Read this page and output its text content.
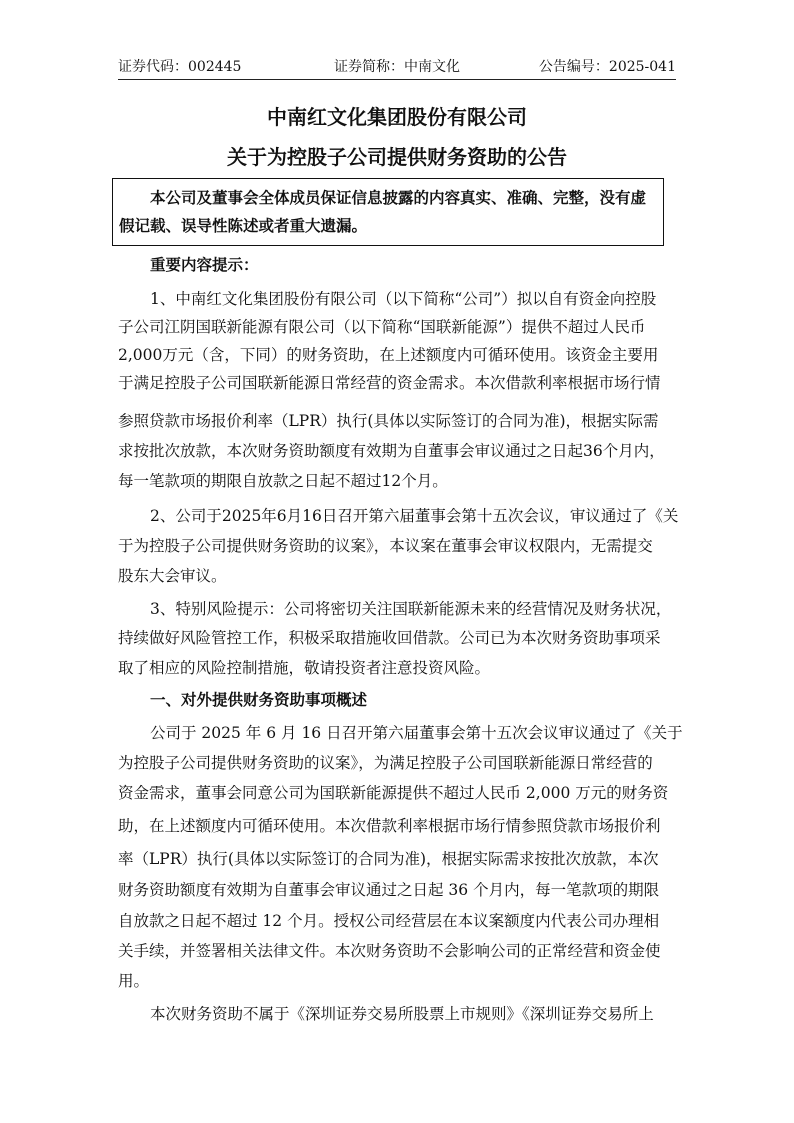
证券代码：002445	证券简称：中南文化	公告编号：2025-041
中南红文化集团股份有限公司
关于为控股子公司提供财务资助的公告
本公司及董事会全体成员保证信息披露的内容真实、准确、完整，没有虚
假记载、误导性陈述或者重大遗漏。
重要内容提示：
1、中南红文化集团股份有限公司（以下简称“公司”）拟以自有资金向控股
子公司江阴国联新能源有限公司（以下简称“国联新能源”）提供不超过人民币
2,000万元（含，下同）的财务资助，在上述额度内可循环使用。该资金主要用
于满足控股子公司国联新能源日常经营的资金需求。本次借款利率根据市场行情
参照贷款市场报价利率（LPR）执行(具体以实际签订的合同为准)，根据实际需
求按批次放款，本次财务资助额度有效期为自董事会审议通过之日起36个月内，
每一笔款项的期限自放款之日起不超过12个月。
2、公司于2025年6月16日召开第六届董事会第十五次会议，审议通过了《关
于为控股子公司提供财务资助的议案》，本议案在董事会审议权限内，无需提交
股东大会审议。
3、特别风险提示：公司将密切关注国联新能源未来的经营情况及财务状况，
持续做好风险管控工作，积极采取措施收回借款。公司已为本次财务资助事项采
取了相应的风险控制措施，敬请投资者注意投资风险。
一、对外提供财务资助事项概述
公司于 2025 年 6 月 16 日召开第六届董事会第十五次会议审议通过了《关于
为控股子公司提供财务资助的议案》，为满足控股子公司国联新能源日常经营的
资金需求，董事会同意公司为国联新能源提供不超过人民币 2,000 万元的财务资
助，在上述额度内可循环使用。本次借款利率根据市场行情参照贷款市场报价利
率（LPR）执行(具体以实际签订的合同为准)，根据实际需求按批次放款，本次
财务资助额度有效期为自董事会审议通过之日起 36 个月内，每一笔款项的期限
自放款之日起不超过 12 个月。授权公司经营层在本议案额度内代表公司办理相
关手续，并签署相关法律文件。本次财务资助不会影响公司的正常经营和资金使
用。
本次财务资助不属于《深圳证券交易所股票上市规则》《深圳证券交易所上
